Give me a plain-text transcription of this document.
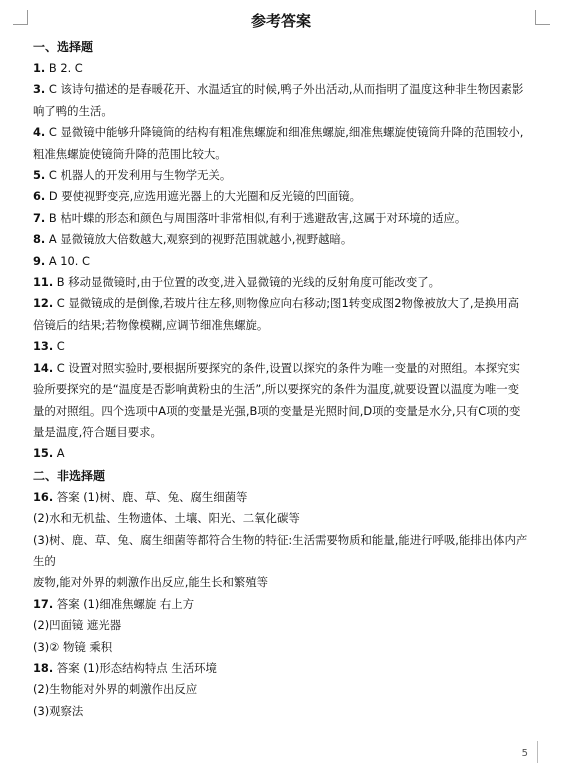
参考答案
一、选择题

1. B 2. C

3. C 该诗句描述的是春暖花开、水温适宜的时候,鸭子外出活动,从而指明了温度这种非生物因素影响了鸭的生活。

4. C 显微镜中能够升降镜筒的结构有粗准焦螺旋和细准焦螺旋,细准焦螺旋使镜筒升降的范围较小,粗准焦螺旋使镜筒升降的范围比较大。

5. C 机器人的开发利用与生物学无关。

6. D 要使视野变亮,应选用遮光器上的大光圈和反光镜的凹面镜。

7. B 枯叶蝶的形态和颜色与周围落叶非常相似,有利于逃避敌害,这属于对环境的适应。

8. A 显微镜放大倍数越大,观察到的视野范围就越小,视野越暗。

9. A 10. C

11. B 移动显微镜时,由于位置的改变,进入显微镜的光线的反射角度可能改变了。

12. C 显微镜成的是倒像,若玻片往左移,则物像应向右移动;图1转变成图2物像被放大了,是换用高倍镜后的结果;若物像模糊,应调节细准焦螺旋。

13. C

14. C 设置对照实验时,要根据所要探究的条件,设置以探究的条件为唯一变量的对照组。本探究实验所要探究的是“温度是否影响黄粉虫的生活”,所以要探究的条件为温度,就要设置以温度为唯一变量的对照组。四个选项中A项的变量是光强,B项的变量是光照时间,D项的变量是水分,只有C项的变量是温度,符合题目要求。

15. A

二、非选择题

16. 答案 (1)树、鹿、草、兔、腐生细菌等

(2)水和无机盐、生物遗体、土壤、阳光、二氧化碳等

(3)树、鹿、草、兔、腐生细菌等都符合生物的特征:生活需要物质和能量,能进行呼吸,能排出体内产生的

废物,能对外界的刺激作出反应,能生长和繁殖等

17. 答案 (1)细准焦螺旋 右上方

(2)凹面镜 遮光器

(3)② 物镜 乘积

18. 答案 (1)形态结构特点 生活环境

(2)生物能对外界的刺激作出反应

(3)观察法

5
